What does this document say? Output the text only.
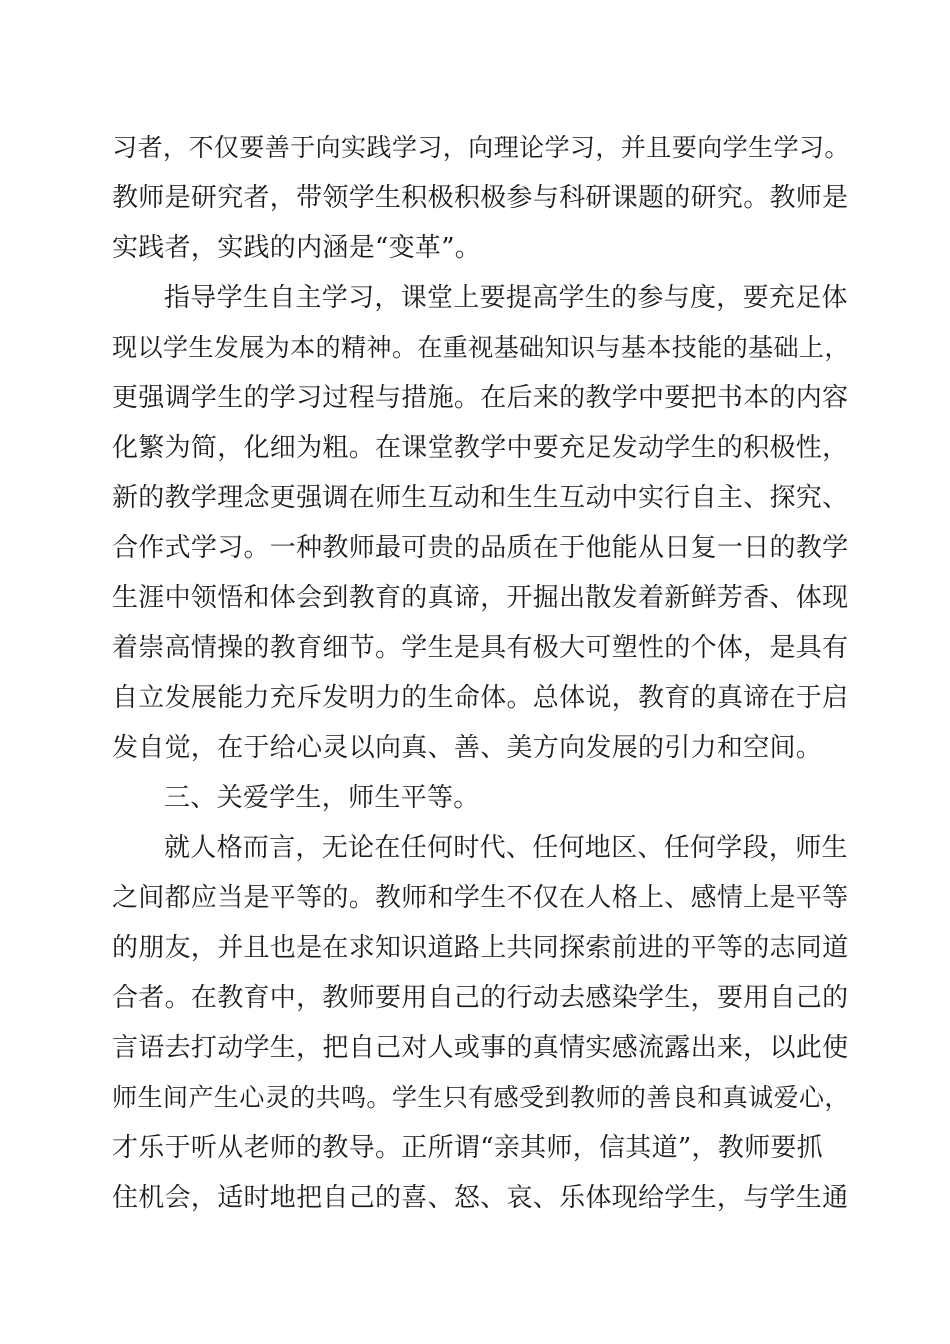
习者，不仅要善于向实践学习，向理论学习，并且要向学生学习。
教师是研究者，带领学生积极积极参与科研课题的研究。教师是
实践者，实践的内涵是“变革”。
指导学生自主学习，课堂上要提高学生的参与度，要充足体
现以学生发展为本的精神。在重视基础知识与基本技能的基础上，
更强调学生的学习过程与措施。在后来的教学中要把书本的内容
化繁为简，化细为粗。在课堂教学中要充足发动学生的积极性，
新的教学理念更强调在师生互动和生生互动中实行自主、探究、
合作式学习。一种教师最可贵的品质在于他能从日复一日的教学
生涯中领悟和体会到教育的真谛，开掘出散发着新鲜芳香、体现
着崇高情操的教育细节。学生是具有极大可塑性的个体，是具有
自立发展能力充斥发明力的生命体。总体说，教育的真谛在于启
发自觉，在于给心灵以向真、善、美方向发展的引力和空间。
三、关爱学生，师生平等。
就人格而言，无论在任何时代、任何地区、任何学段，师生
之间都应当是平等的。教师和学生不仅在人格上、感情上是平等
的朋友，并且也是在求知识道路上共同探索前进的平等的志同道
合者。在教育中，教师要用自己的行动去感染学生，要用自己的
言语去打动学生，把自己对人或事的真情实感流露出来，以此使
师生间产生心灵的共鸣。学生只有感受到教师的善良和真诚爱心，
才乐于听从老师的教导。正所谓“亲其师，信其道”，教师要抓
住机会，适时地把自己的喜、怒、哀、乐体现给学生，与学生通
